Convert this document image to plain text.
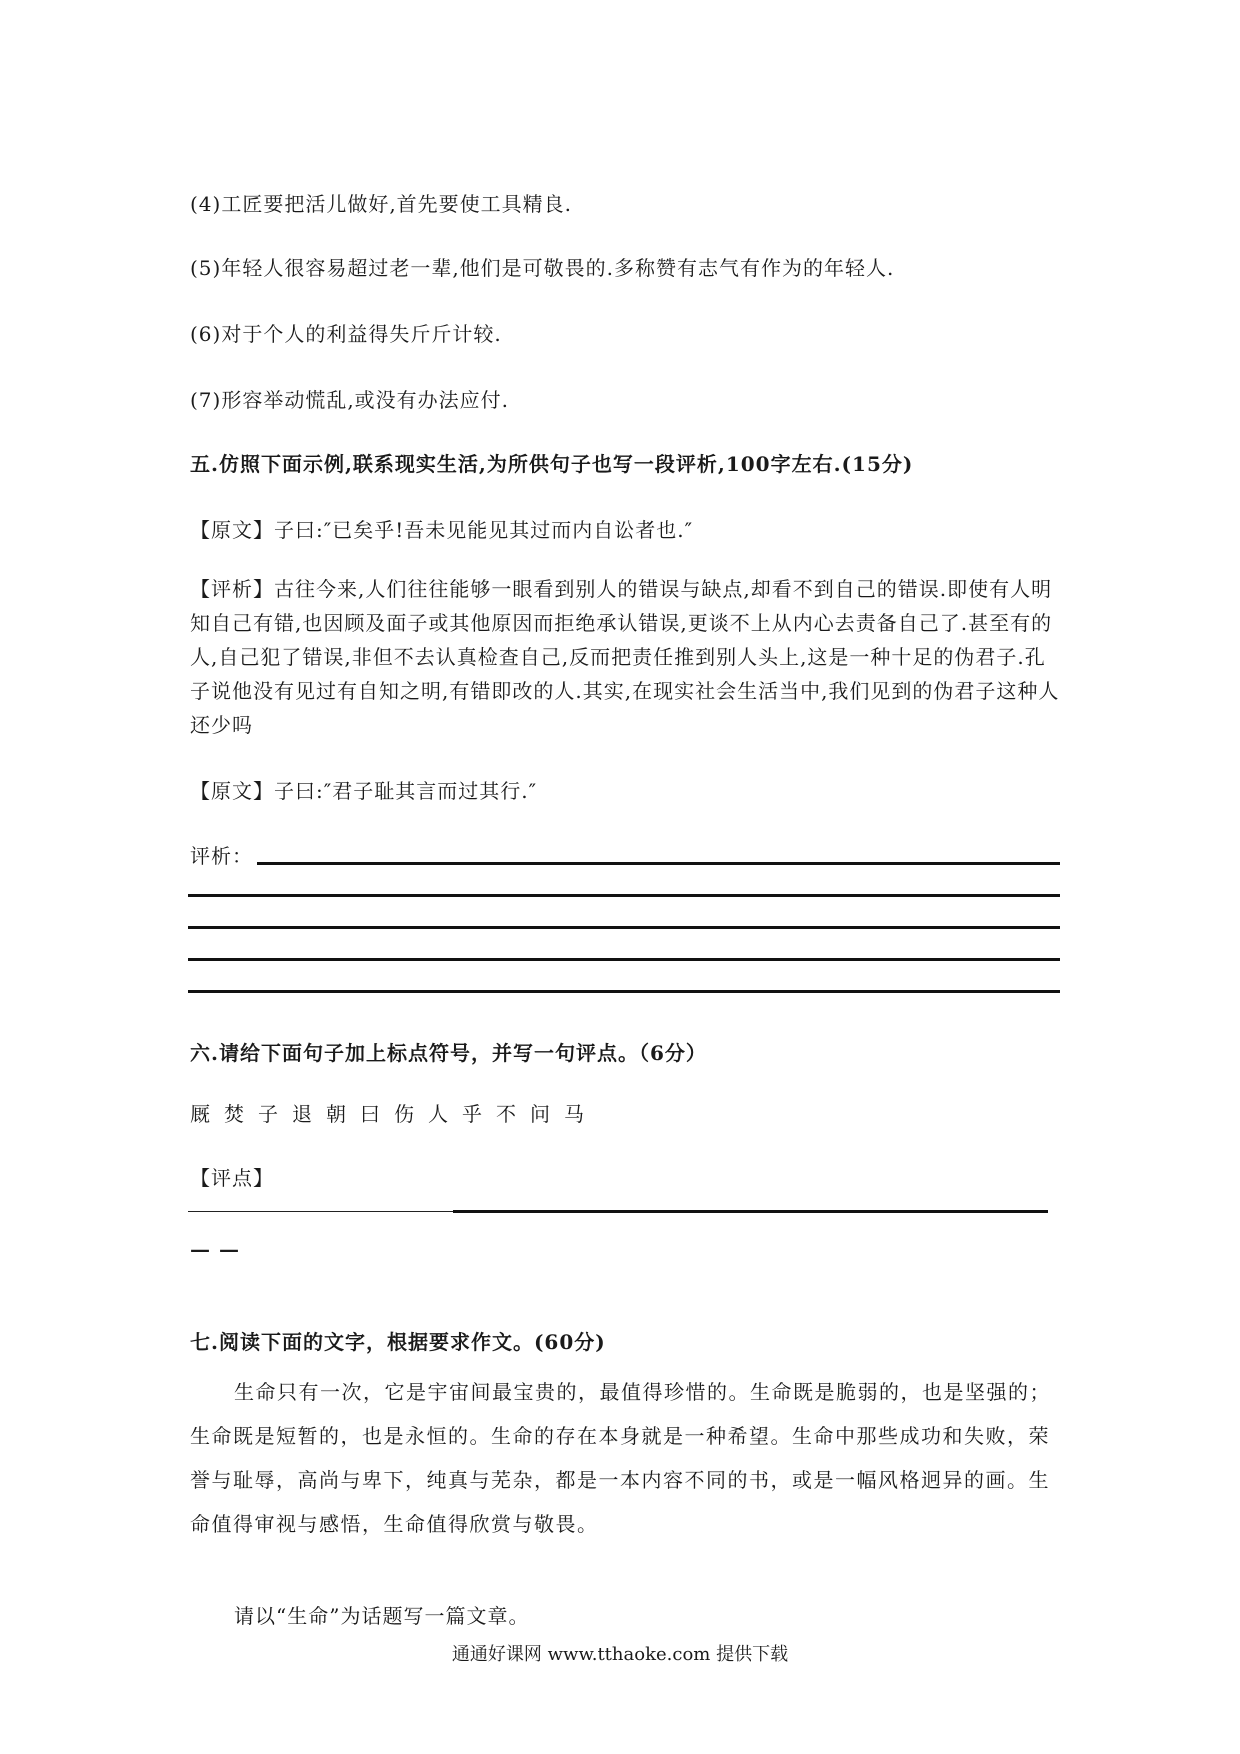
(4)工匠要把活儿做好,首先要使工具精良.
(5)年轻人很容易超过老一辈,他们是可敬畏的.多称赞有志气有作为的年轻人.
(6)对于个人的利益得失斤斤计较.
(7)形容举动慌乱,或没有办法应付.
五.仿照下面示例,联系现实生活,为所供句子也写一段评析,100字左右.(15分)
【原文】子曰:″已矣乎!吾未见能见其过而内自讼者也.″
【评析】古往今来,人们往往能够一眼看到别人的错误与缺点,却看不到自己的错误.即使有人明知自己有错,也因顾及面子或其他原因而拒绝承认错误,更谈不上从内心去责备自己了.甚至有的人,自己犯了错误,非但不去认真检查自己,反而把责任推到别人头上,这是一种十足的伪君子.孔子说他没有见过有自知之明,有错即改的人.其实,在现实社会生活当中,我们见到的伪君子这种人还少吗
【原文】子曰:″君子耻其言而过其行.″
评析：
六.请给下面句子加上标点符号，并写一句评点。（6分）
厩焚子退朝曰伤人乎不问马
【评点】
— —
七.阅读下面的文字，根据要求作文。(60分)
生命只有一次，它是宇宙间最宝贵的，最值得珍惜的。生命既是脆弱的，也是坚强的；生命既是短暂的，也是永恒的。生命的存在本身就是一种希望。生命中那些成功和失败，荣誉与耻辱，高尚与卑下，纯真与芜杂，都是一本内容不同的书，或是一幅风格迥异的画。生命值得审视与感悟，生命值得欣赏与敬畏。
请以“生命”为话题写一篇文章。
通通好课网 www.tthaoke.com 提供下载
